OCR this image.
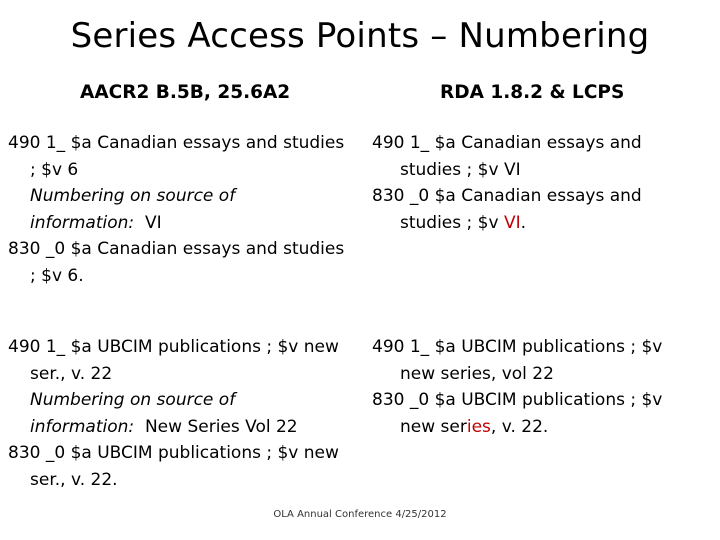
Series Access Points – Numbering
AACR2 B.5B, 25.6A2	RDA 1.8.2 & LCPS
490 1_ $a Canadian essays and studies
; $v 6
Numbering on source of
information: VI
830 _0 $a Canadian essays and studies
; $v 6.
490 1_ $a Canadian essays and
studies ; $v VI
830 _0 $a Canadian essays and
studies ; $v VI.
490 1_ $a UBCIM publications ; $v new
ser., v. 22
Numbering on source of
information: New Series Vol 22
830 _0 $a UBCIM publications ; $v new
ser., v. 22.
490 1_ $a UBCIM publications ; $v
new series, vol 22
830 _0 $a UBCIM publications ; $v
new series, v. 22.
OLA Annual Conference 4/25/2012
